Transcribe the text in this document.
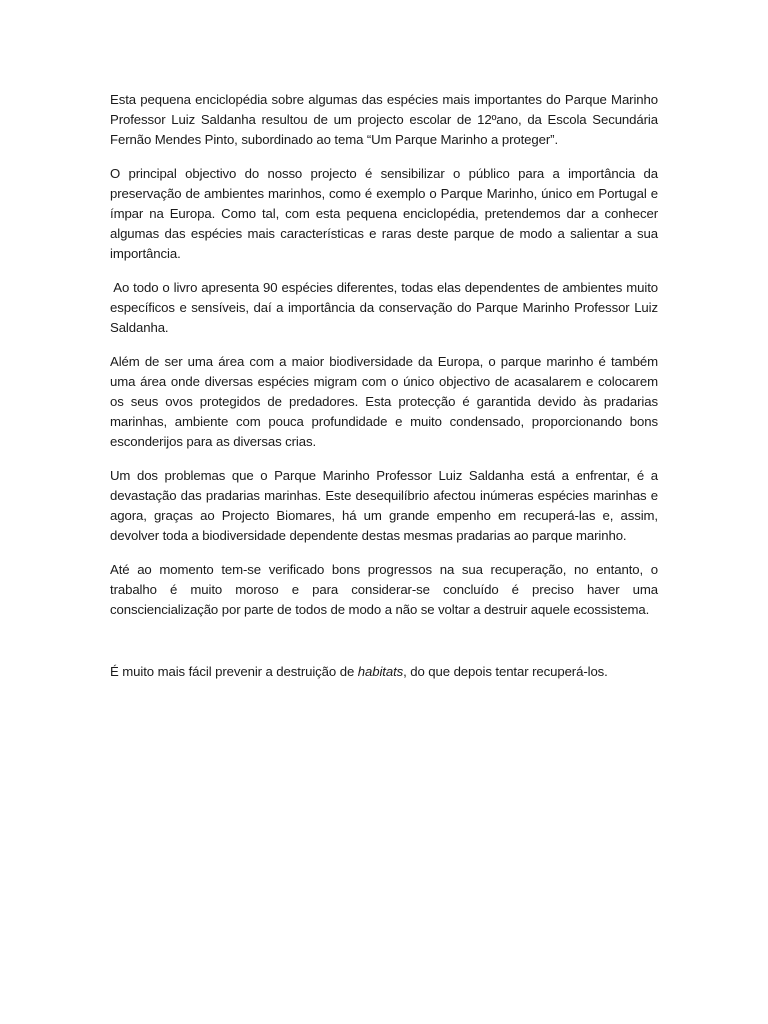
Esta pequena enciclopédia sobre algumas das espécies mais importantes do Parque Marinho Professor Luiz Saldanha resultou de um projecto escolar de 12ºano, da Escola Secundária Fernão Mendes Pinto, subordinado ao tema “Um Parque Marinho a proteger”.

O principal objectivo do nosso projecto é sensibilizar o público para a importância da preservação de ambientes marinhos, como é exemplo o Parque Marinho, único em Portugal e ímpar na Europa. Como tal, com esta pequena enciclopédia, pretendemos dar a conhecer algumas das espécies mais características e raras deste parque de modo a salientar a sua importância.

Ao todo o livro apresenta 90 espécies diferentes, todas elas dependentes de ambientes muito específicos e sensíveis, daí a importância da conservação do Parque Marinho Professor Luiz Saldanha.

Além de ser uma área com a maior biodiversidade da Europa, o parque marinho é também uma área onde diversas espécies migram com o único objectivo de acasalarem e colocarem os seus ovos protegidos de predadores. Esta protecção é garantida devido às pradarias marinhas, ambiente com pouca profundidade e muito condensado, proporcionando bons esconderijos para as diversas crias.

Um dos problemas que o Parque Marinho Professor Luiz Saldanha está a enfrentar, é a devastação das pradarias marinhas. Este desequilíbrio afectou inúmeras espécies marinhas e agora, graças ao Projecto Biomares, há um grande empenho em recuperá-las e, assim, devolver toda a biodiversidade dependente destas mesmas pradarias ao parque marinho.

Até ao momento tem-se verificado bons progressos na sua recuperação, no entanto, o trabalho é muito moroso e para considerar-se concluído é preciso haver uma consciencialização por parte de todos de modo a não se voltar a destruir aquele ecossistema.

É muito mais fácil prevenir a destruição de habitats, do que depois tentar recuperá-los.
